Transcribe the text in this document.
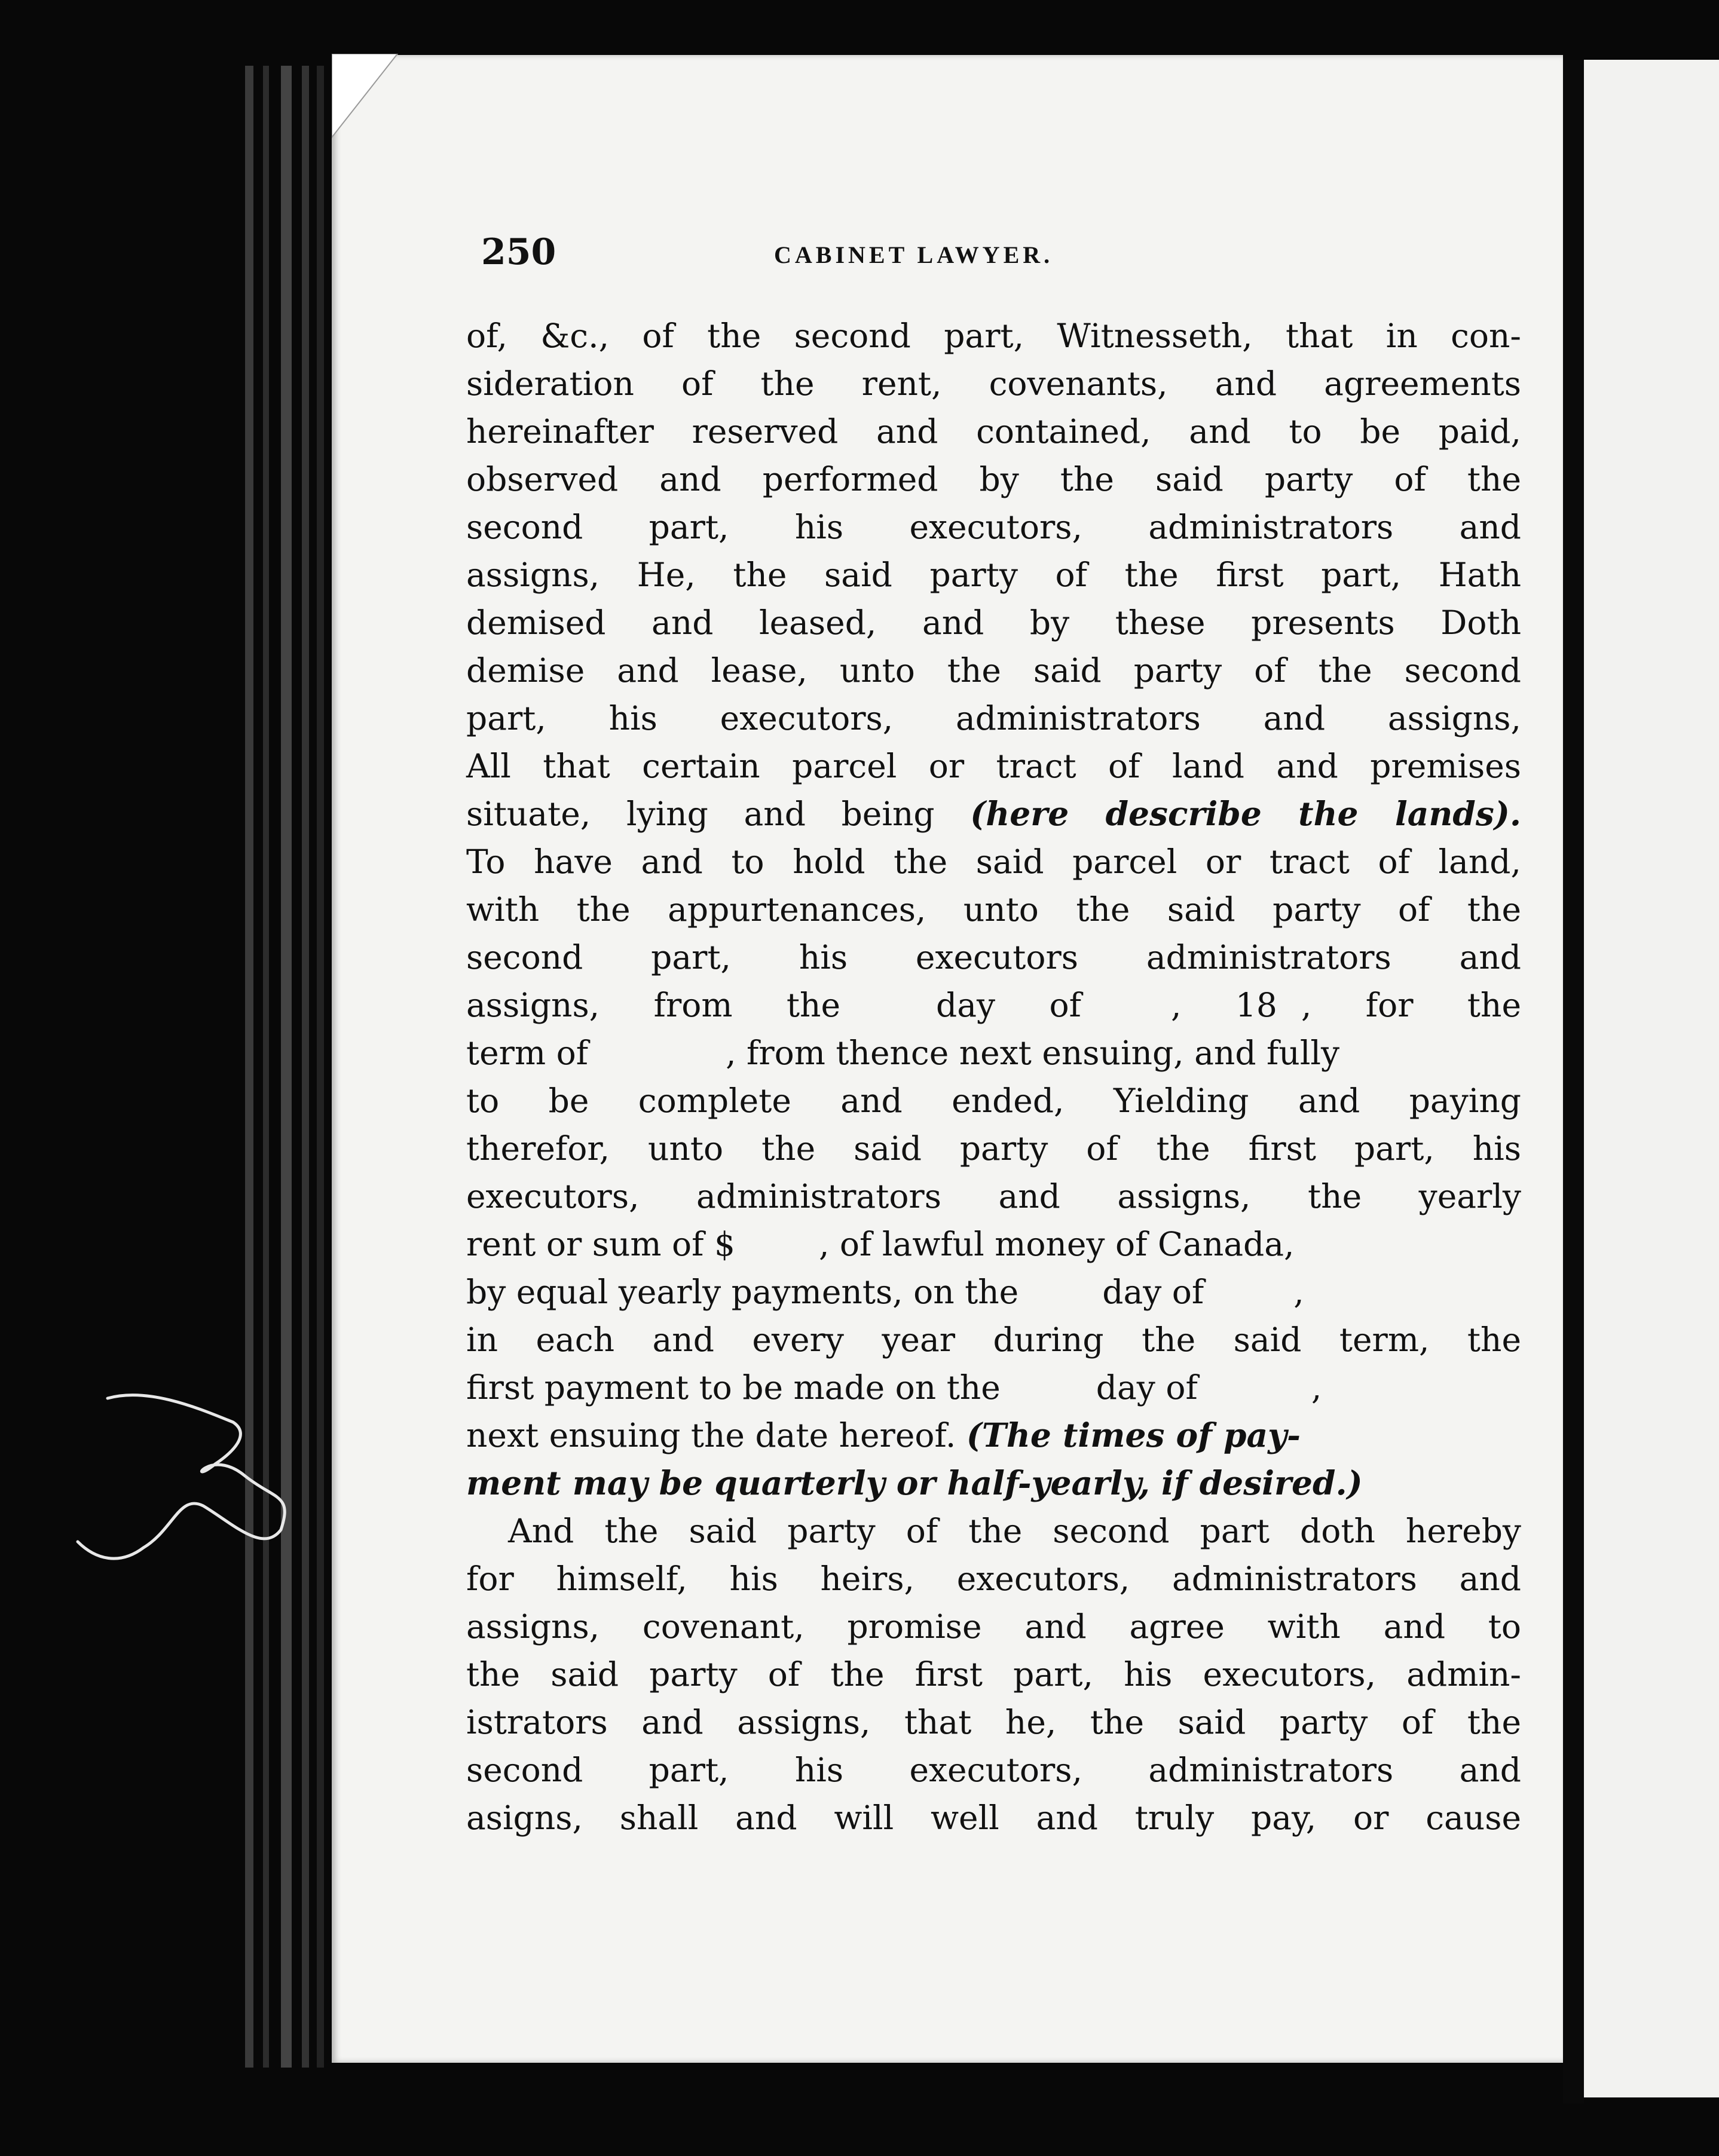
250	CABINET LAWYER.
of, &c., of the second part, Witnesseth, that in con-
sideration of the rent, covenants, and agreements
hereinafter reserved and contained, and to be paid,
observed and performed by the said party of the
second part, his executors, administrators and
assigns, He, the said party of the first part, Hath
demised and leased, and by these presents Doth
demise and lease, unto the said party of the second
part, his executors, administrators and assigns,
All that certain parcel or tract of land and premises
situate, lying and being (here describe the lands).
To have and to hold the said parcel or tract of land,
with the appurtenances, unto the said party of the
second part, his executors administrators and
assigns, from the	day of	, 18 , for the
term of	, from thence next ensuing, and fully
to be complete and ended, Yielding and paying
therefor, unto the said party of the first part, his
executors, administrators and assigns, the yearly
rent or sum of $	, of lawful money of Canada,
by equal yearly payments, on the	day of	,
in each and every year during the said term, the
first payment to be made on the	day of	,
next ensuing the date hereof. (The times of pay-
ment may be quarterly or half-yearly, if desired.)
And the said party of the second part doth hereby
for himself, his heirs, executors, administrators and
assigns, covenant, promise and agree with and to
the said party of the first part, his executors, admin-
istrators and assigns, that he, the said party of the
second part, his executors, administrators and
asigns, shall and will well and truly pay, or cause
